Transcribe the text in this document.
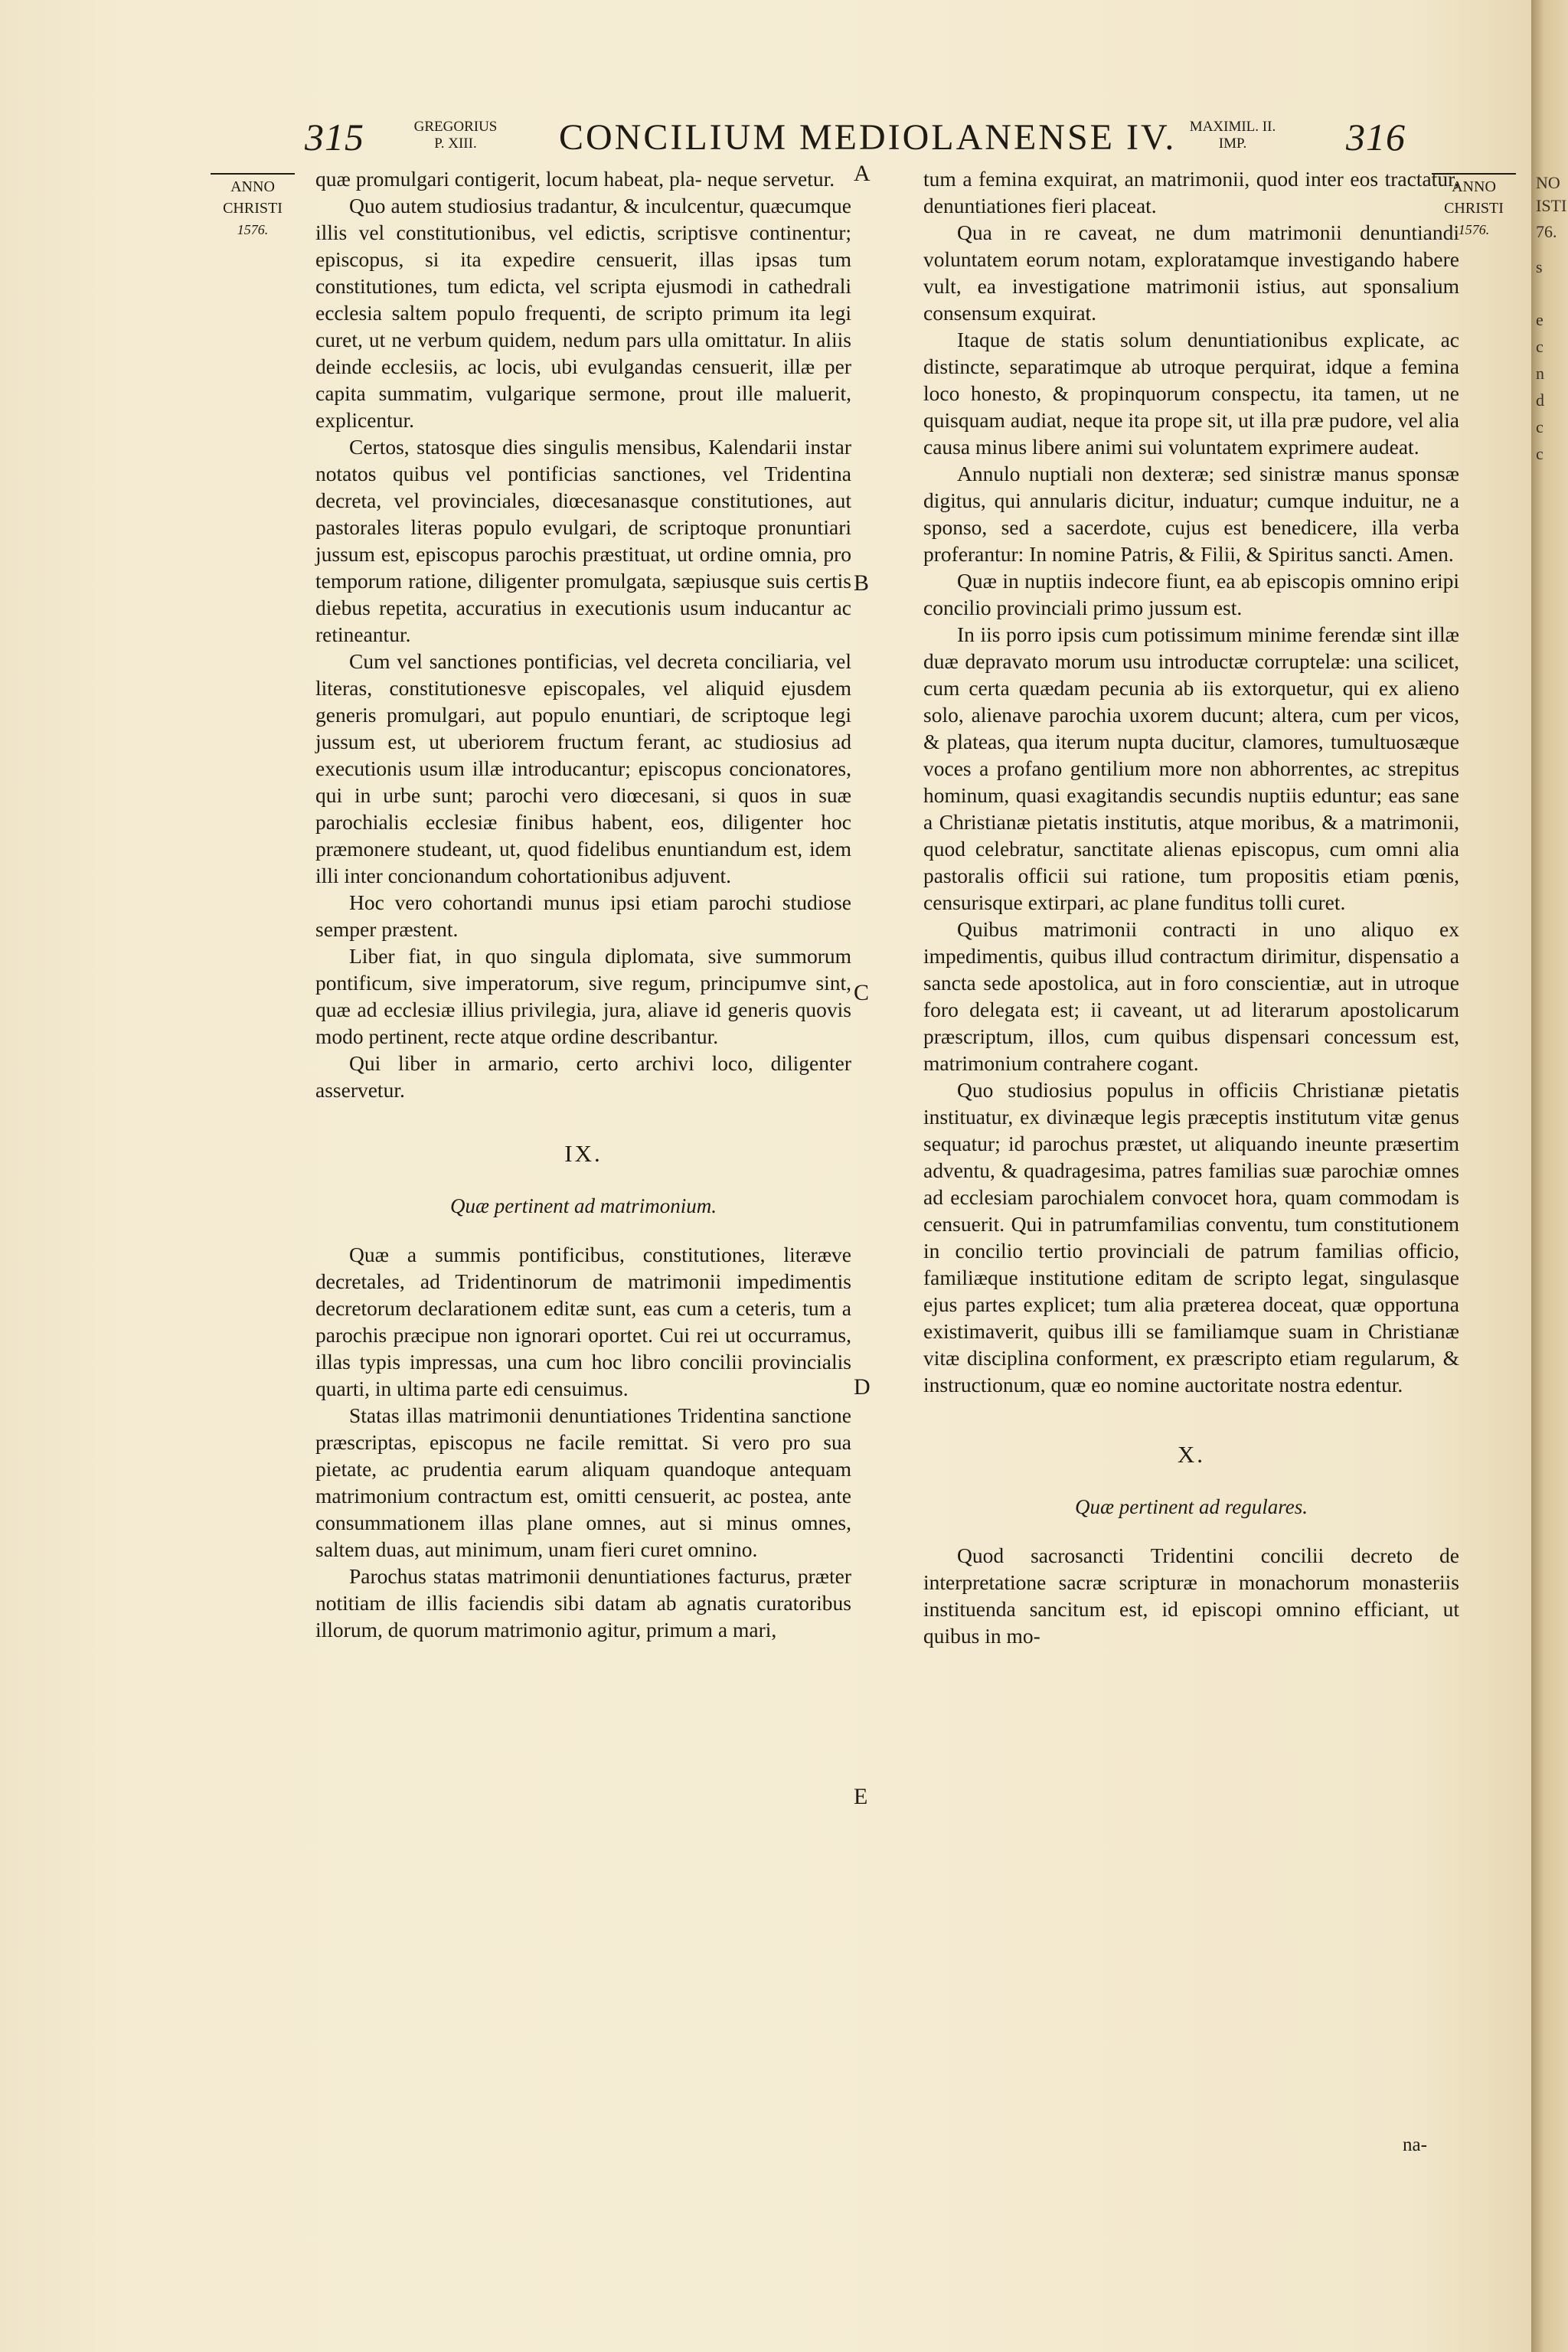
315	GREGORIUS
P. XIII.	CONCILIUM MEDIOLANENSE IV. MAXIMIL. II.
IMP.	316
ANNO
CHRISTI
1576.
ANNO
CHRISTI
1576.
A
B
C
D
E

quæ promulgari contigerit, locum habeat, pla- neque servetur.

Quo autem studiosius tradantur, & inculcentur, quæcumque illis vel constitutionibus, vel edictis, scriptisve continentur; episcopus, si ita expedire censuerit, illas ipsas tum constitutiones, tum edicta, vel scripta ejusmodi in cathedrali ecclesia saltem populo frequenti, de scripto primum ita legi curet, ut ne verbum quidem, nedum pars ulla omittatur. In aliis deinde ecclesiis, ac locis, ubi evulgandas censuerit, illæ per capita summatim, vulgarique sermone, prout ille maluerit, explicentur.

Certos, statosque dies singulis mensibus, Kalendarii instar notatos quibus vel pontificias sanctiones, vel Tridentina decreta, vel provinciales, diœcesanasque constitutiones, aut pastorales literas populo evulgari, de scriptoque pronuntiari jussum est, episcopus parochis præstituat, ut ordine omnia, pro temporum ratione, diligenter promulgata, sæpiusque suis certis diebus repetita, accuratius in executionis usum inducantur ac retineantur.

Cum vel sanctiones pontificias, vel decreta conciliaria, vel literas, constitutionesve episcopales, vel aliquid ejusdem generis promulgari, aut populo enuntiari, de scriptoque legi jussum est, ut uberiorem fructum ferant, ac studiosius ad executionis usum illæ introducantur; episcopus concionatores, qui in urbe sunt; parochi vero diœcesani, si quos in suæ parochialis ecclesiæ finibus habent, eos, diligenter hoc præmonere studeant, ut, quod fidelibus enuntiandum est, idem illi inter concionandum cohortationibus adjuvent.

Hoc vero cohortandi munus ipsi etiam parochi studiose semper præstent.

Liber fiat, in quo singula diplomata, sive summorum pontificum, sive imperatorum, sive regum, principumve sint, quæ ad ecclesiæ illius privilegia, jura, aliave id generis quovis modo pertinent, recte atque ordine describantur.

Qui liber in armario, certo archivi loco, diligenter asservetur.

IX.
Quæ pertinent ad matrimonium.

Quæ a summis pontificibus, constitutiones, literæve decretales, ad Tridentinorum de matrimonii impedimentis decretorum declarationem editæ sunt, eas cum a ceteris, tum a parochis præcipue non ignorari oportet. Cui rei ut occurramus, illas typis impressas, una cum hoc libro concilii provincialis quarti, in ultima parte edi censuimus.

Statas illas matrimonii denuntiationes Tridentina sanctione præscriptas, episcopus ne facile remittat. Si vero pro sua pietate, ac prudentia earum aliquam quandoque antequam matrimonium contractum est, omitti censuerit, ac postea, ante consummationem illas plane omnes, aut si minus omnes, saltem duas, aut minimum, unam fieri curet omnino.

Parochus statas matrimonii denuntiationes facturus, præter notitiam de illis faciendis sibi datam ab agnatis curatoribus illorum, de quorum matrimonio agitur, primum a mari,

tum a femina exquirat, an matrimonii, quod inter eos tractatur, denuntiationes fieri placeat.

Qua in re caveat, ne dum matrimonii denuntiandi voluntatem eorum notam, exploratamque investigando habere vult, ea investigatione matrimonii istius, aut sponsalium consensum exquirat.

Itaque de statis solum denuntiationibus explicate, ac distincte, separatimque ab utroque perquirat, idque a femina loco honesto, & propinquorum conspectu, ita tamen, ut ne quisquam audiat, neque ita prope sit, ut illa præ pudore, vel alia causa minus libere animi sui voluntatem exprimere audeat.

Annulo nuptiali non dexteræ; sed sinistræ manus sponsæ digitus, qui annularis dicitur, induatur; cumque induitur, ne a sponso, sed a sacerdote, cujus est benedicere, illa verba proferantur: In nomine Patris, & Filii, & Spiritus sancti. Amen.

Quæ in nuptiis indecore fiunt, ea ab episcopis omnino eripi concilio provinciali primo jussum est.

In iis porro ipsis cum potissimum minime ferendæ sint illæ duæ depravato morum usu introductæ corruptelæ: una scilicet, cum certa quædam pecunia ab iis extorquetur, qui ex alieno solo, alienave parochia uxorem ducunt; altera, cum per vicos, & plateas, qua iterum nupta ducitur, clamores, tumultuosæque voces a profano gentilium more non abhorrentes, ac strepitus hominum, quasi exagitandis secundis nuptiis eduntur; eas sane a Christianæ pietatis institutis, atque moribus, & a matrimonii, quod celebratur, sanctitate alienas episcopus, cum omni alia pastoralis officii sui ratione, tum propositis etiam pœnis, censurisque extirpari, ac plane funditus tolli curet.

Quibus matrimonii contracti in uno aliquo ex impedimentis, quibus illud contractum dirimitur, dispensatio a sancta sede apostolica, aut in foro conscientiæ, aut in utroque foro delegata est; ii caveant, ut ad literarum apostolicarum præscriptum, illos, cum quibus dispensari concessum est, matrimonium contrahere cogant.

Quo studiosius populus in officiis Christianæ pietatis instituatur, ex divinæque legis præceptis institutum vitæ genus sequatur; id parochus præstet, ut aliquando ineunte præsertim adventu, & quadragesima, patres familias suæ parochiæ omnes ad ecclesiam parochialem convocet hora, quam commodam is censuerit. Qui in patrumfamilias conventu, tum constitutionem in concilio tertio provinciali de patrum familias officio, familiæque institutione editam de scripto legat, singulasque ejus partes explicet; tum alia præterea doceat, quæ opportuna existimaverit, quibus illi se familiamque suam in Christianæ vitæ disciplina conforment, ex præscripto etiam regularum, & instructionum, quæ eo nomine auctoritate nostra edentur.

X.
Quæ pertinent ad regulares.

Quod sacrosancti Tridentini concilii decreto de interpretatione sacræ scripturæ in monachorum monasteriis instituenda sancitum est, id episcopi omnino efficiant, ut quibus in mo-

na-
NO
ISTI
76.
s
e
c
n
d
c
c
